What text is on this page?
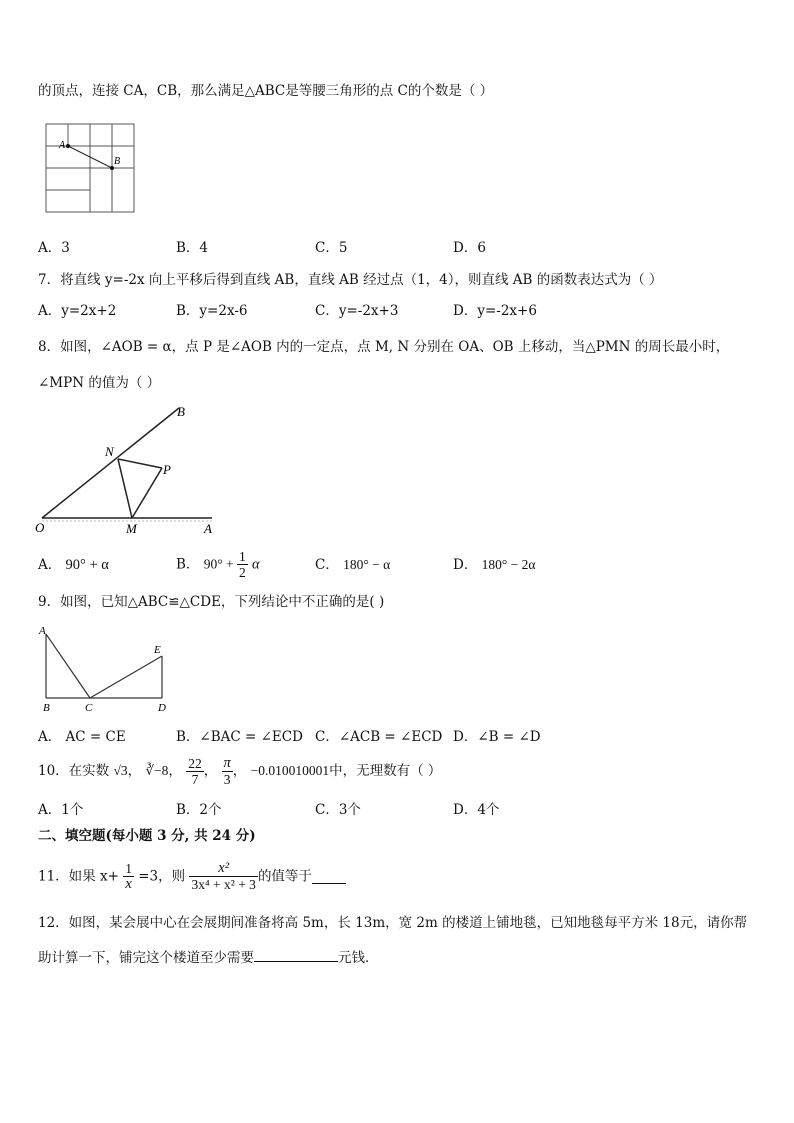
的顶点，连接 CA，CB，那么满足△ABC是等腰三角形的点 C的个数是（ ）
A
B
A．3	B．4	C．5	D．6
7．将直线 y=-2x 向上平移后得到直线 AB，直线 AB 经过点（1，4），则直线 AB 的函数表达式为（ ）
A．y=2x+2	B．y=2x-6	C．y=-2x+3	D．y=-2x+6
8．如图，∠AOB = α，点 P 是∠AOB 内的一定点，点 M, N 分别在 OA、OB 上移动，当△PMN 的周长最小时，
∠MPN 的值为（ ）
O	A
B
N
P
M
A． 90° + α	B． $90^\circ + \frac{1}{2}$ α	C． 180° − α	D． 180° − 2α
9．如图，已知△ABC≌△CDE，下列结论中不正确的是( )
A
B	C	D
E
A． AC = CE	B．∠BAC = ∠ECD C．∠ACB = ∠ECD D．∠B = ∠D
10．在实数 √3， ∛−8， $\frac{22}{7}$ ， $\frac{\pi}{3}$ ， −0.010010001中，无理数有（ ）
A．1个	B．2个	C．3个	D．4个
二、填空题(每小题 3 分, 共 24 分)
11．如果 $x+ \frac{1}{x} =3$，则 $\frac{\text{x²}}{\text{3x⁴ + x² + 3}}$ 的值等于
12．如图，某会展中心在会展期间准备将高 5m，长 13m，宽 2m 的楼道上铺地毯，已知地毯每平方米 18元，请你帮
助计算一下，铺完这个楼道至少需要	元钱．
